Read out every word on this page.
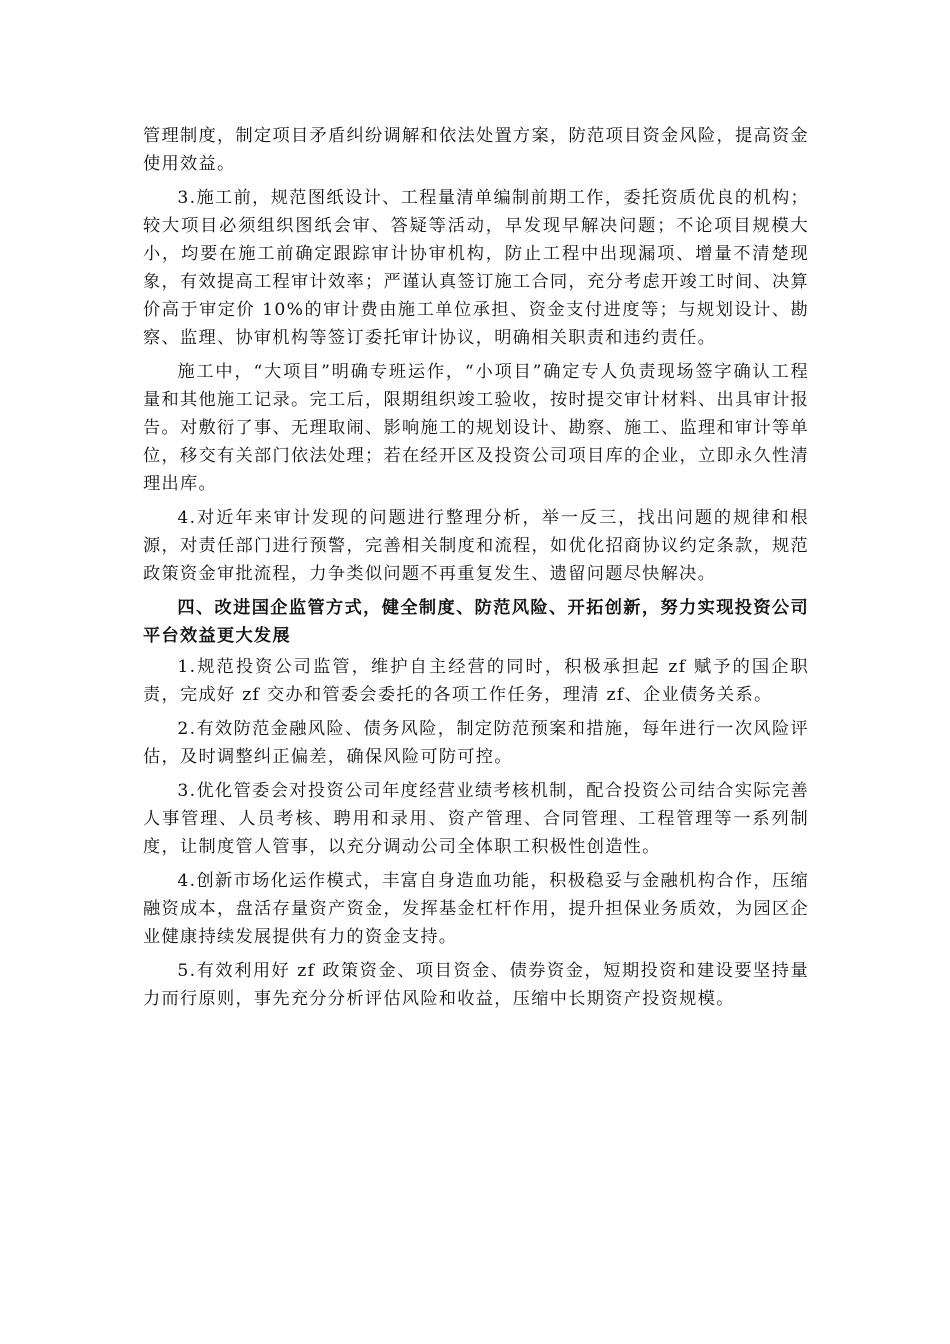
管理制度，制定项目矛盾纠纷调解和依法处置方案，防范项目资金风险，提高资金使用效益。

3.施工前，规范图纸设计、工程量清单编制前期工作，委托资质优良的机构；较大项目必须组织图纸会审、答疑等活动，早发现早解决问题；不论项目规模大小，均要在施工前确定跟踪审计协审机构，防止工程中出现漏项、增量不清楚现象，有效提高工程审计效率；严谨认真签订施工合同，充分考虑开竣工时间、决算价高于审定价 10%的审计费由施工单位承担、资金支付进度等；与规划设计、勘察、监理、协审机构等签订委托审计协议，明确相关职责和违约责任。

施工中，“大项目”明确专班运作，“小项目”确定专人负责现场签字确认工程量和其他施工记录。完工后，限期组织竣工验收，按时提交审计材料、出具审计报告。对敷衍了事、无理取闹、影响施工的规划设计、勘察、施工、监理和审计等单位，移交有关部门依法处理；若在经开区及投资公司项目库的企业，立即永久性清理出库。

4.对近年来审计发现的问题进行整理分析，举一反三，找出问题的规律和根源，对责任部门进行预警，完善相关制度和流程，如优化招商协议约定条款，规范政策资金审批流程，力争类似问题不再重复发生、遗留问题尽快解决。

四、改进国企监管方式，健全制度、防范风险、开拓创新，努力实现投资公司平台效益更大发展

1.规范投资公司监管，维护自主经营的同时，积极承担起 zf 赋予的国企职责，完成好 zf 交办和管委会委托的各项工作任务，理清 zf、企业债务关系。

2.有效防范金融风险、债务风险，制定防范预案和措施，每年进行一次风险评估，及时调整纠正偏差，确保风险可防可控。

3.优化管委会对投资公司年度经营业绩考核机制，配合投资公司结合实际完善人事管理、人员考核、聘用和录用、资产管理、合同管理、工程管理等一系列制度，让制度管人管事，以充分调动公司全体职工积极性创造性。

4.创新市场化运作模式，丰富自身造血功能，积极稳妥与金融机构合作，压缩融资成本，盘活存量资产资金，发挥基金杠杆作用，提升担保业务质效，为园区企业健康持续发展提供有力的资金支持。

5.有效利用好 zf 政策资金、项目资金、债券资金，短期投资和建设要坚持量力而行原则，事先充分分析评估风险和收益，压缩中长期资产投资规模。
